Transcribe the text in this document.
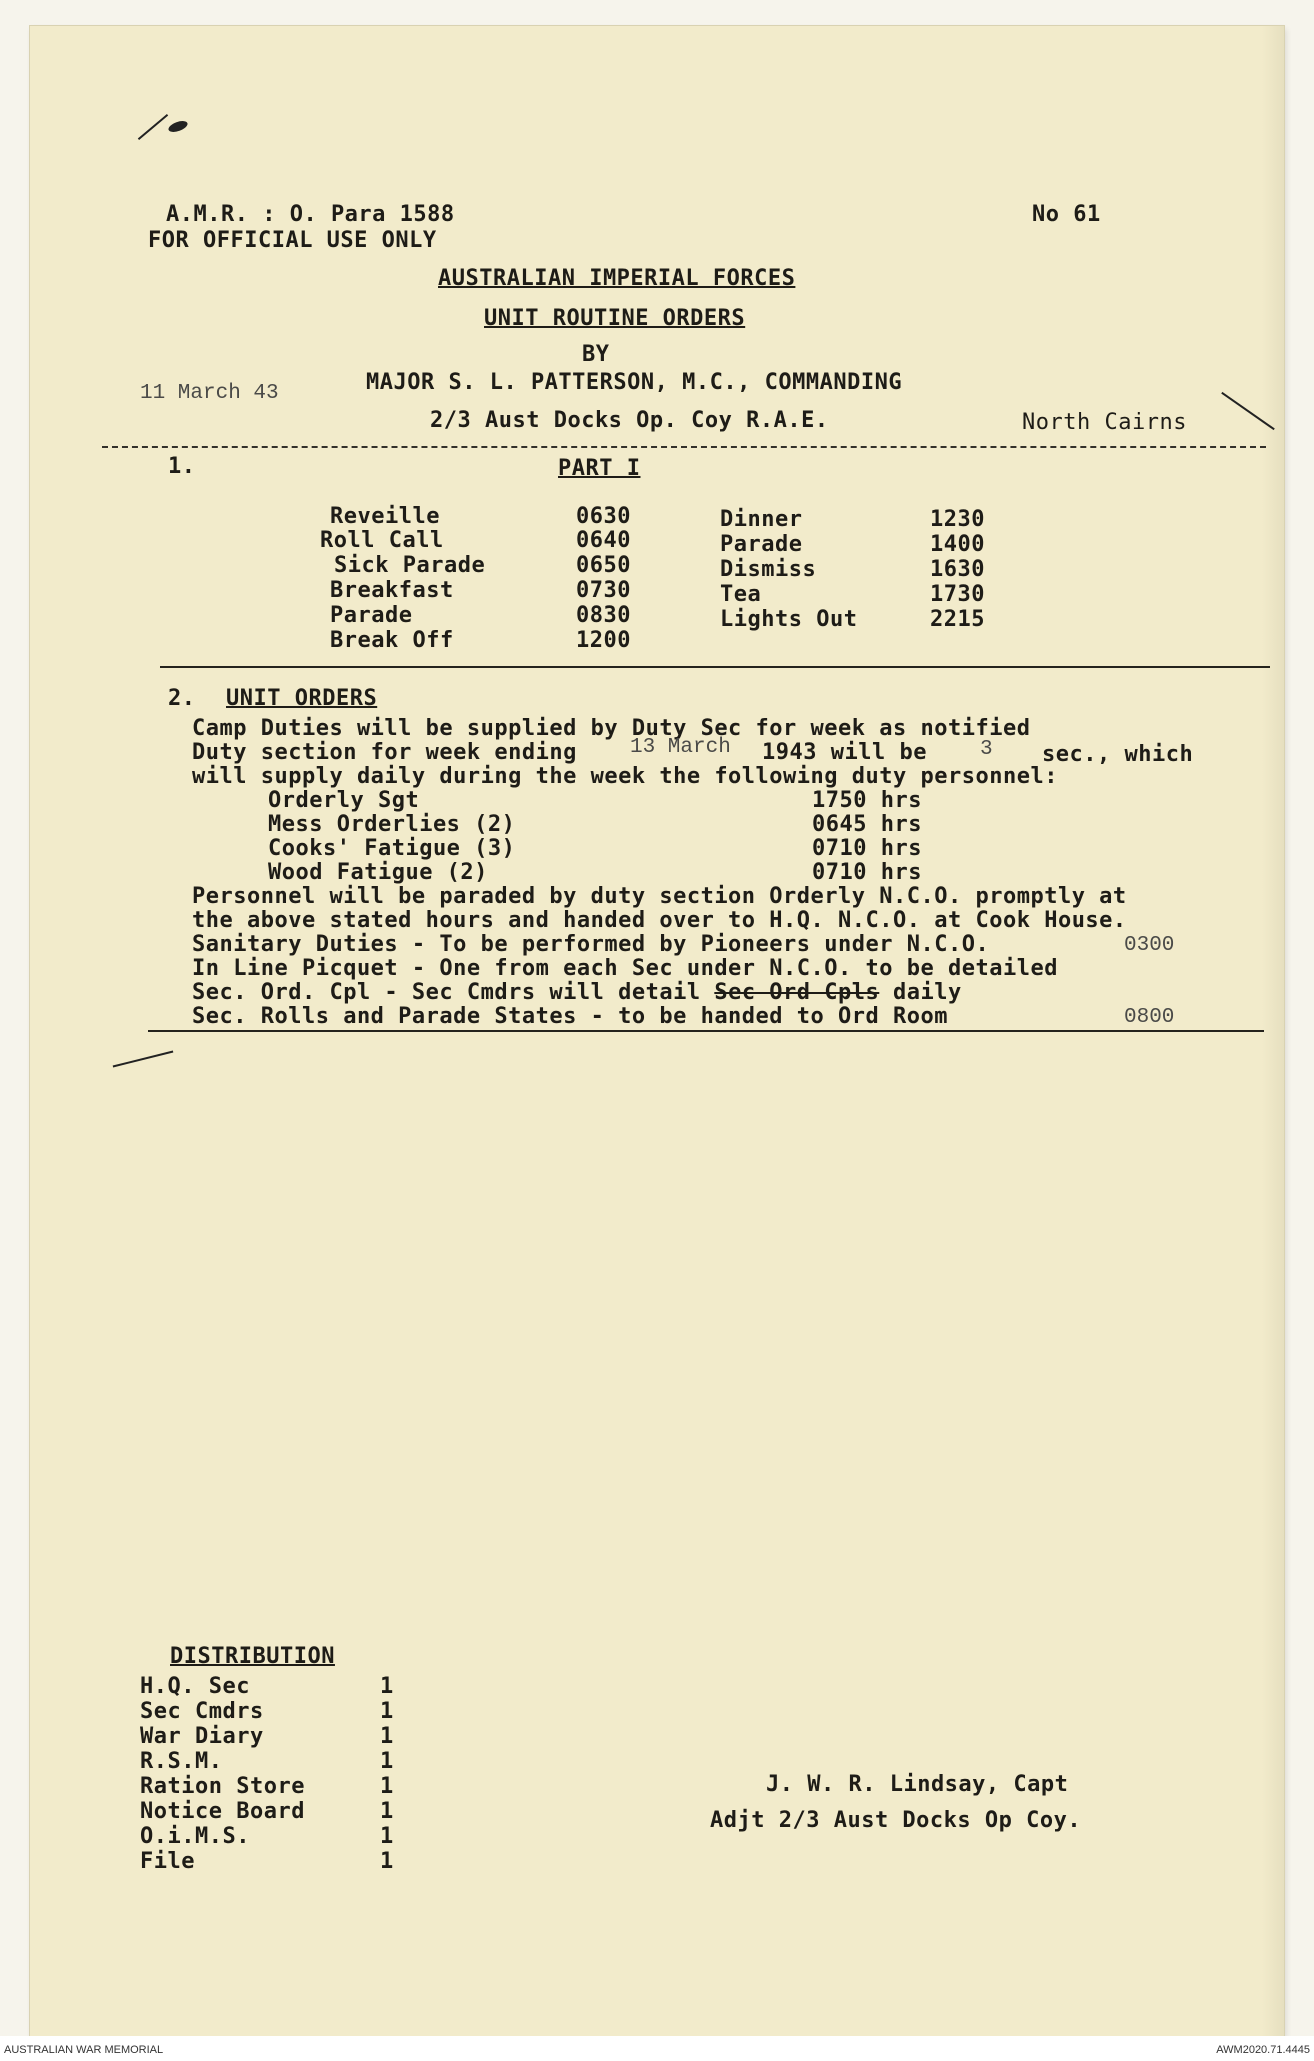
A.M.R. : O. Para 1588
FOR OFFICIAL USE ONLY
No 61
AUSTRALIAN IMPERIAL FORCES
UNIT ROUTINE ORDERS
BY
MAJOR S. L. PATTERSON, M.C., COMMANDING
11 March 43
2/3 Aust Docks Op. Coy R.A.E.	North Cairns
1.	PART I
Reveille	0630
Roll Call	0640
Sick Parade	0650
Breakfast	0730
Parade	0830
Break Off	1200
Dinner	1230
Parade	1400
Dismiss	1630
Tea	1730
Lights Out	2215
2. UNIT ORDERS
Camp Duties will be supplied by Duty Sec for week as notified
Duty section for week ending	13 March 1943 will be	3 sec., which
will supply daily during the week the following duty personnel:
Orderly Sgt	1750 hrs
Mess Orderlies (2)	0645 hrs
Cooks' Fatigue (3)	0710 hrs
Wood Fatigue (2)	0710 hrs
Personnel will be paraded by duty section Orderly N.C.O. promptly at
the above stated hours and handed over to H.Q. N.C.O. at Cook House.
Sanitary Duties - To be performed by Pioneers under N.C.O.	0300
In Line Picquet - One from each Sec under N.C.O. to be detailed
Sec. Ord. Cpl - Sec Cmdrs will detail Sec Ord Cpls daily
Sec. Rolls and Parade States - to be handed to Ord Room	0800
DISTRIBUTION
H.Q. Sec	1
Sec Cmdrs	1
War Diary	1
R.S.M.	1
Ration Store	1
Notice Board	1
O.i.M.S.	1
File	1
J. W. R. Lindsay, Capt
Adjt 2/3 Aust Docks Op Coy.
AUSTRALIAN WAR MEMORIAL	AWM2020.71.4445
